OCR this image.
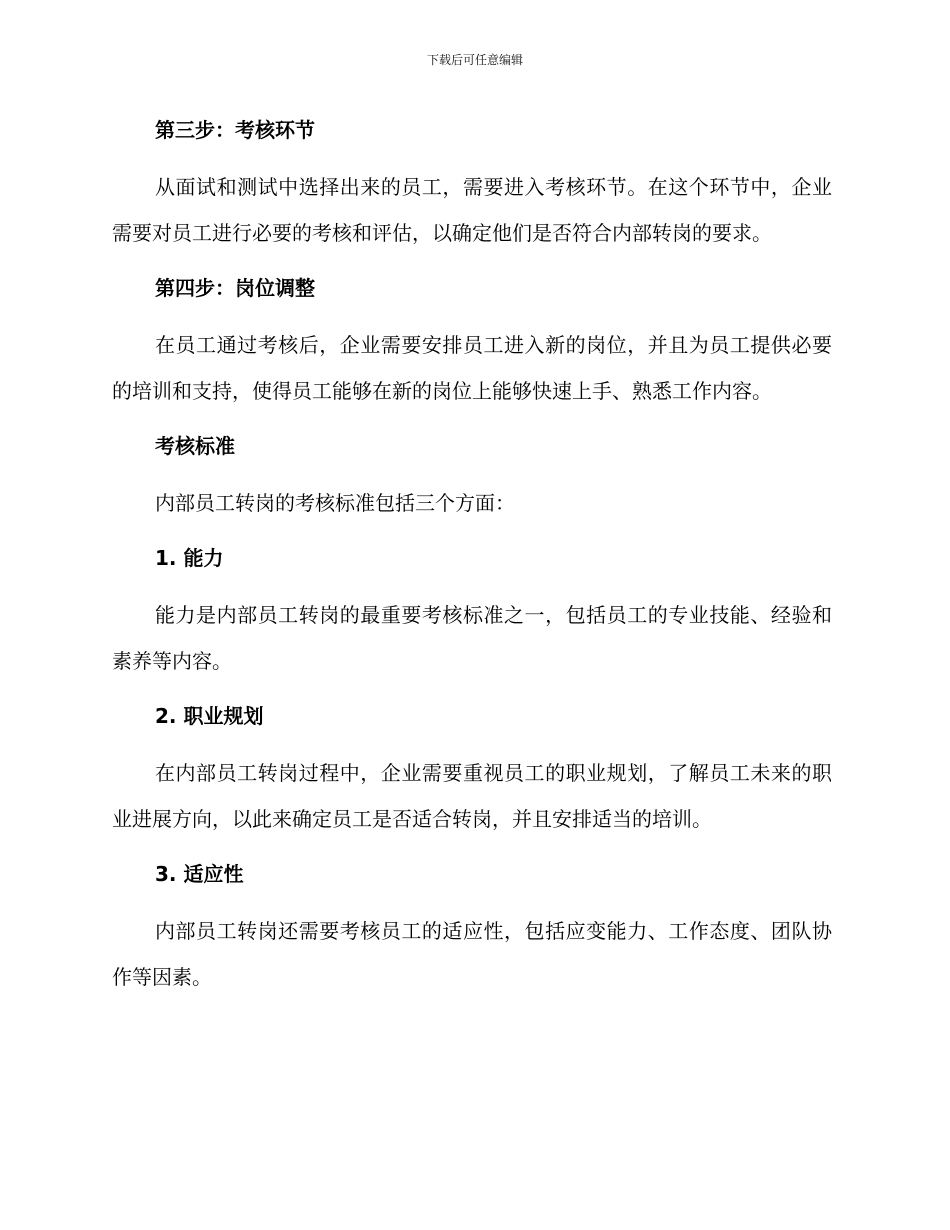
下载后可任意编辑
第三步：考核环节

从面试和测试中选择出来的员工，需要进入考核环节。在这个环节中，企业需要对员工进行必要的考核和评估，以确定他们是否符合内部转岗的要求。

第四步：岗位调整

在员工通过考核后，企业需要安排员工进入新的岗位，并且为员工提供必要的培训和支持，使得员工能够在新的岗位上能够快速上手、熟悉工作内容。

考核标准

内部员工转岗的考核标准包括三个方面：

1. 能力

能力是内部员工转岗的最重要考核标准之一，包括员工的专业技能、经验和素养等内容。

2. 职业规划

在内部员工转岗过程中，企业需要重视员工的职业规划，了解员工未来的职业进展方向，以此来确定员工是否适合转岗，并且安排适当的培训。

3. 适应性

内部员工转岗还需要考核员工的适应性，包括应变能力、工作态度、团队协作等因素。
